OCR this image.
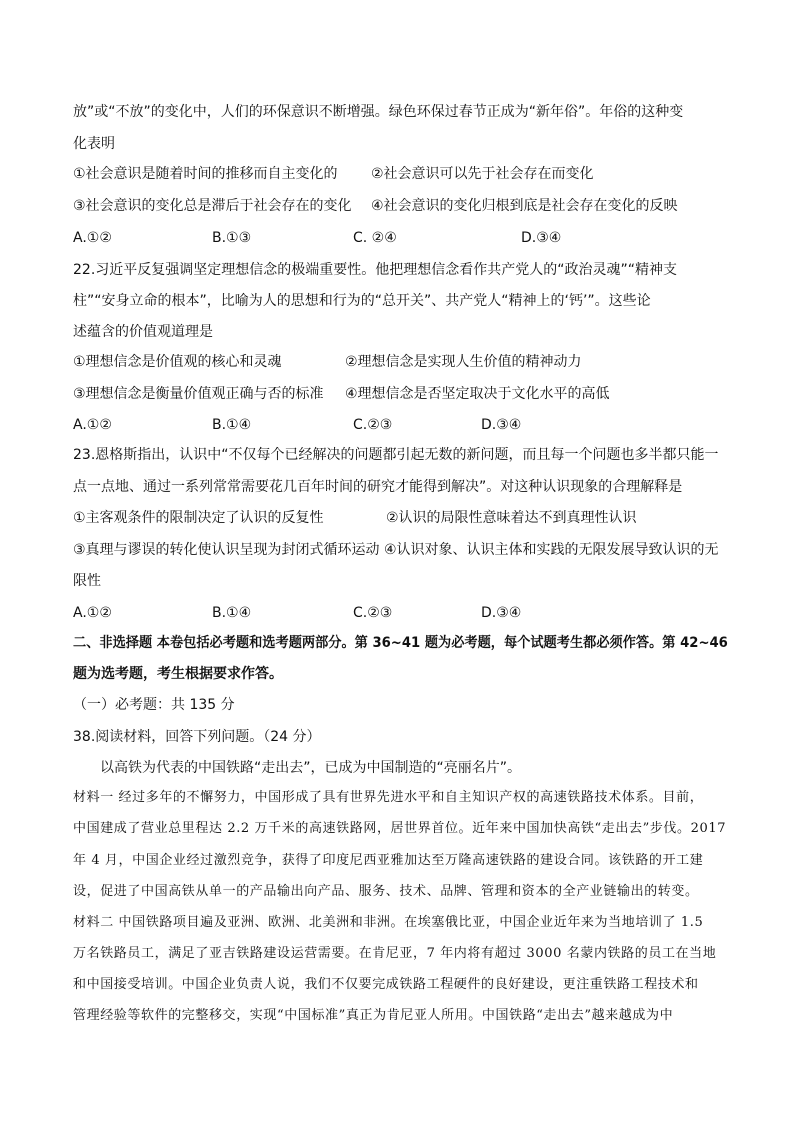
放”或“不放”的变化中，人们的环保意识不断增强。绿色环保过春节正成为“新年俗”。年俗的这种变
化表明
①社会意识是随着时间的推移而自主变化的 ②社会意识可以先于社会存在而变化
③社会意识的变化总是滞后于社会存在的变化 ④社会意识的变化归根到底是社会存在变化的反映
A.①②	B.①③	C. ②④	D.③④
22.习近平反复强调坚定理想信念的极端重要性。他把理想信念看作共产党人的“政治灵魂”“精神支
柱”“安身立命的根本”，比喻为人的思想和行为的“总开关”、共产党人“精神上的‘钙’”。这些论
述蕴含的价值观道理是
①理想信念是价值观的核心和灵魂	②理想信念是实现人生价值的精神动力
③理想信念是衡量价值观正确与否的标准 ④理想信念是否坚定取决于文化水平的高低
A.①②	B.①④	C.②③	D.③④
23.恩格斯指出，认识中“不仅每个已经解决的问题都引起无数的新问题，而且每一个问题也多半都只能一
点一点地、通过一系列常常需要花几百年时间的研究才能得到解决”。对这种认识现象的合理解释是
①主客观条件的限制决定了认识的反复性	②认识的局限性意味着达不到真理性认识
③真理与谬误的转化使认识呈现为封闭式循环运动 ④认识对象、认识主体和实践的无限发展导致认识的无
限性
A.①②	B.①④	C.②③	D.③④
二、非选择题 本卷包括必考题和选考题两部分。第 36~41 题为必考题，每个试题考生都必须作答。第 42~46
题为选考题，考生根据要求作答。
（一）必考题：共 135 分
38.阅读材料，回答下列问题。（24 分）
以高铁为代表的中国铁路“走出去”，已成为中国制造的“亮丽名片”。
材料一 经过多年的不懈努力，中国形成了具有世界先进水平和自主知识产权的高速铁路技术体系。目前，
中国建成了营业总里程达 2.2 万千米的高速铁路网，居世界首位。近年来中国加快高铁“走出去”步伐。2017
年 4 月，中国企业经过激烈竞争，获得了印度尼西亚雅加达至万隆高速铁路的建设合同。该铁路的开工建
设，促进了中国高铁从单一的产品输出向产品、服务、技术、品牌、管理和资本的全产业链输出的转变。
材料二 中国铁路项目遍及亚洲、欧洲、北美洲和非洲。在埃塞俄比亚，中国企业近年来为当地培训了 1.5
万名铁路员工，满足了亚吉铁路建设运营需要。在肯尼亚，7 年内将有超过 3000 名蒙内铁路的员工在当地
和中国接受培训。中国企业负责人说，我们不仅要完成铁路工程硬件的良好建设，更注重铁路工程技术和
管理经验等软件的完整移交，实现“中国标准”真正为肯尼亚人所用。中国铁路“走出去”越来越成为中
